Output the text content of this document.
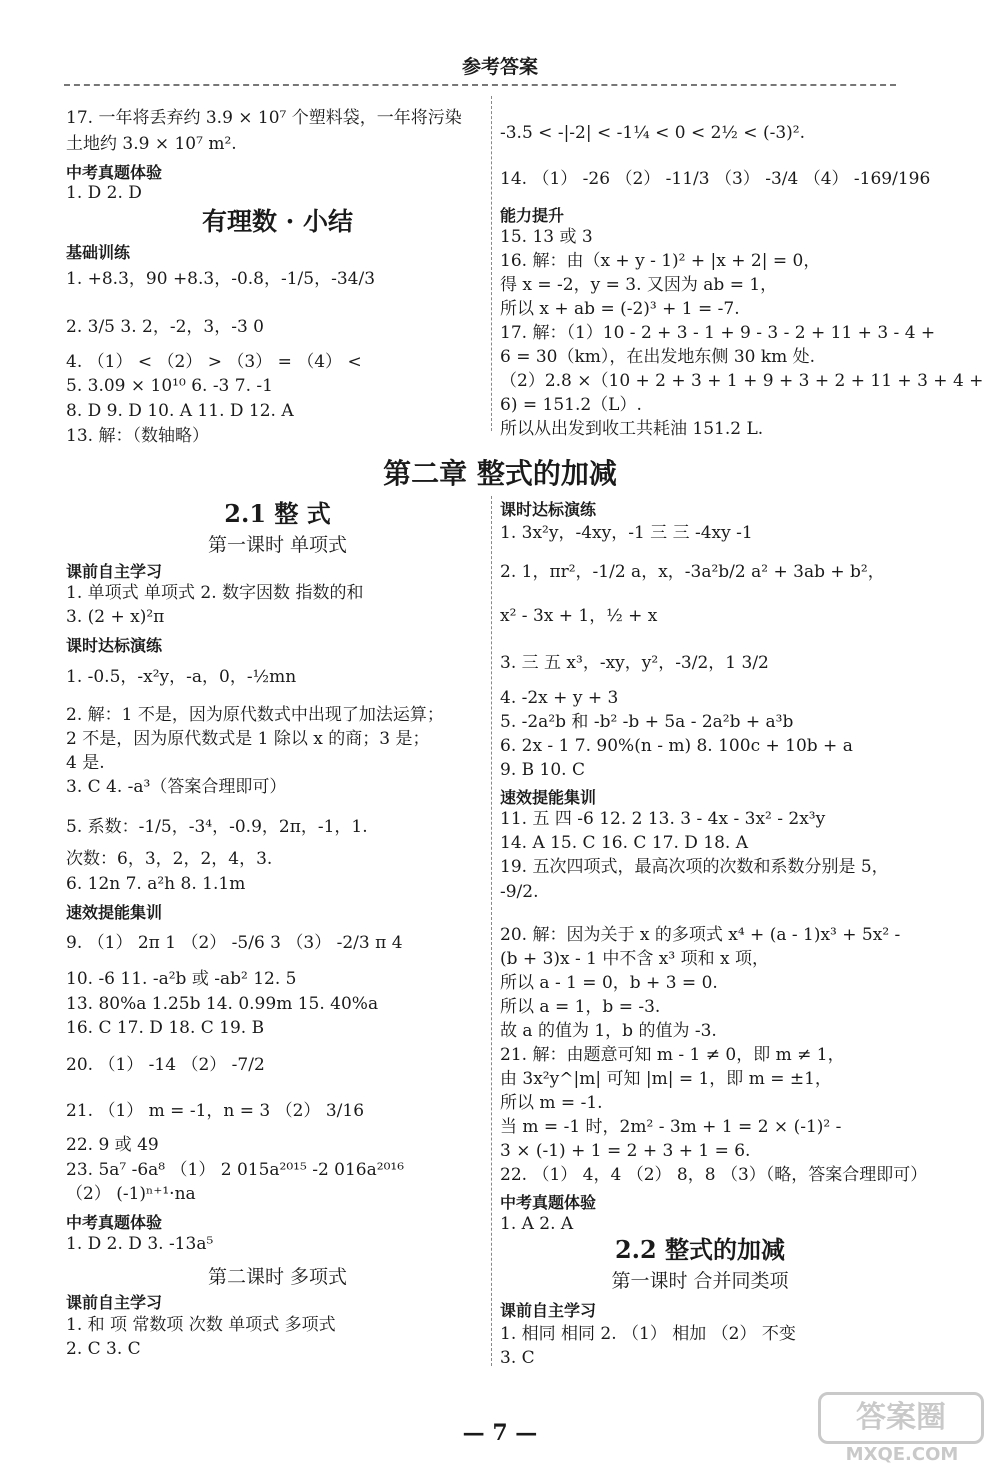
参考答案
17. 一年将丢弃约 3.9 × 10⁷ 个塑料袋，一年将污染
土地约 3.9 × 10⁷ m².
1. D 2. D
1. +8.3，90 +8.3，-0.8，-1/5，-34/3
2. 3/5 3. 2，-2，3，-3 0
4. （1） < （2） > （3） = （4） <
5. 3.09 × 10¹⁰ 6. -3 7. -1
8. D 9. D 10. A 11. D 12. A
13. 解：（数轴略）
中考真题体验
基础训练
-3.5 < -|-2| < -1¼ < 0 < 2½ < (-3)².
14. （1） -26 （2） -11/3 （3） -3/4 （4） -169/196
15. 13 或 3
16. 解：由（x + y - 1)² + |x + 2| = 0，
得 x = -2，y = 3. 又因为 ab = 1，
所以 x + ab = (-2)³ + 1 = -7.
17. 解：（1）10 - 2 + 3 - 1 + 9 - 3 - 2 + 11 + 3 - 4 +
6 = 30（km），在出发地东侧 30 km 处.
（2）2.8 ×（10 + 2 + 3 + 1 + 9 + 3 + 2 + 11 + 3 + 4 +
6) = 151.2（L）.
所以从出发到收工共耗油 151.2 L.
能力提升
有理数 · 小结
第二章 整式的加减
2.1 整 式
第一课时 单项式
第二课时 多项式
2.2 整式的加减
第一课时 合并同类项
1. 单项式 单项式 2. 数字因数 指数的和
3. (2 + x)²π
1. -0.5，-x²y，-a，0，-½mn
2. 解：1 不是，因为原代数式中出现了加法运算；
2 不是，因为原代数式是 1 除以 x 的商；3 是；
4 是.
3. C 4. -a³（答案合理即可）
5. 系数：-1/5，-3⁴，-0.9，2π，-1，1.
次数：6，3，2，2，4，3.
6. 12n 7. a²h 8. 1.1m
9. （1） 2π 1 （2） -5/6 3 （3） -2/3 π 4
10. -6 11. -a²b 或 -ab² 12. 5
13. 80%a 1.25b 14. 0.99m 15. 40%a
16. C 17. D 18. C 19. B
20. （1） -14 （2） -7/2
21. （1） m = -1，n = 3 （2） 3/16
22. 9 或 49
23. 5a⁷ -6a⁸ （1） 2 015a²⁰¹⁵ -2 016a²⁰¹⁶
（2） (-1)ⁿ⁺¹·na
1. D 2. D 3. -13a⁵
1. 和 项 常数项 次数 单项式 多项式
2. C 3. C
课前自主学习
课时达标演练
速效提能集训
中考真题体验
课前自主学习
1. 3x²y，-4xy，-1 三 三 -4xy -1
2. 1，πr²，-1/2 a，x，-3a²b/2 a² + 3ab + b²，
x² - 3x + 1，½ + x
3. 三 五 x³，-xy，y²，-3/2，1 3/2
4. -2x + y + 3
5. -2a²b 和 -b² -b + 5a - 2a²b + a³b
6. 2x - 1 7. 90%(n - m) 8. 100c + 10b + a
9. B 10. C
11. 五 四 -6 12. 2 13. 3 - 4x - 3x² - 2x³y
14. A 15. C 16. C 17. D 18. A
19. 五次四项式，最高次项的次数和系数分别是 5，
-9/2.
20. 解：因为关于 x 的多项式 x⁴ + (a - 1)x³ + 5x² -
(b + 3)x - 1 中不含 x³ 项和 x 项，
所以 a - 1 = 0，b + 3 = 0.
所以 a = 1，b = -3.
故 a 的值为 1，b 的值为 -3.
21. 解：由题意可知 m - 1 ≠ 0，即 m ≠ 1，
由 3x²y^|m| 可知 |m| = 1，即 m = ±1，
所以 m = -1.
当 m = -1 时，2m² - 3m + 1 = 2 × (-1)² -
3 × (-1) + 1 = 2 + 3 + 1 = 6.
22. （1） 4，4 （2） 8，8 （3）（略，答案合理即可）
1. A 2. A
1. 相同 相同 2. （1） 相加 （2） 不变
3. C
课时达标演练
速效提能集训
中考真题体验
课前自主学习
— 7 —	答案圈
MXQE.COM
